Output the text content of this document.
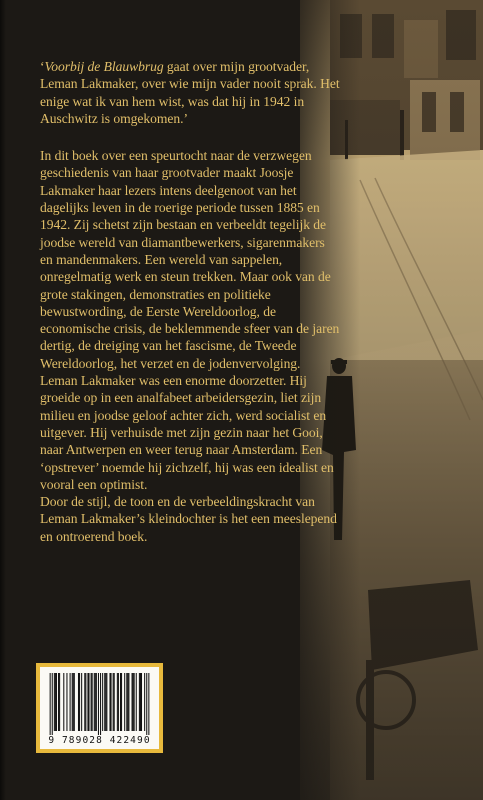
‘Voorbij de Blauwbrug gaat over mijn grootvader, Leman Lakmaker, over wie mijn vader nooit sprak. Het enige wat ik van hem wist, was dat hij in 1942 in Auschwitz is omgekomen.’

In dit boek over een speurtocht naar de verzwegen geschiedenis van haar grootvader maakt Joosje Lakmaker haar lezers intens deelgenoot van het dagelijks leven in de roerige periode tussen 1885 en 1942. Zij schetst zijn bestaan en verbeeldt tegelijk de joodse wereld van diamantbewerkers, sigarenmakers en mandenmakers. Een wereld van sappelen, onregelmatig werk en steun trekken. Maar ook van de grote stakingen, demonstraties en politieke bewustwording, de Eerste Wereldoorlog, de economische crisis, de beklemmende sfeer van de jaren dertig, de dreiging van het fascisme, de Tweede Wereldoorlog, het verzet en de jodenvervolging.

Leman Lakmaker was een enorme doorzetter. Hij groeide op in een analfabeet arbeidersgezin, liet zijn milieu en joodse geloof achter zich, werd socialist en uitgever. Hij verhuisde met zijn gezin naar het Gooi, naar Antwerpen en weer terug naar Amsterdam. Een ‘opstrever’ noemde hij zichzelf, hij was een idealist en vooral een optimist.

Door de stijl, de toon en de verbeeldingskracht van Leman Lakmaker’s kleindochter is het een meeslepend en ontroerend boek.

9 789028 422490
